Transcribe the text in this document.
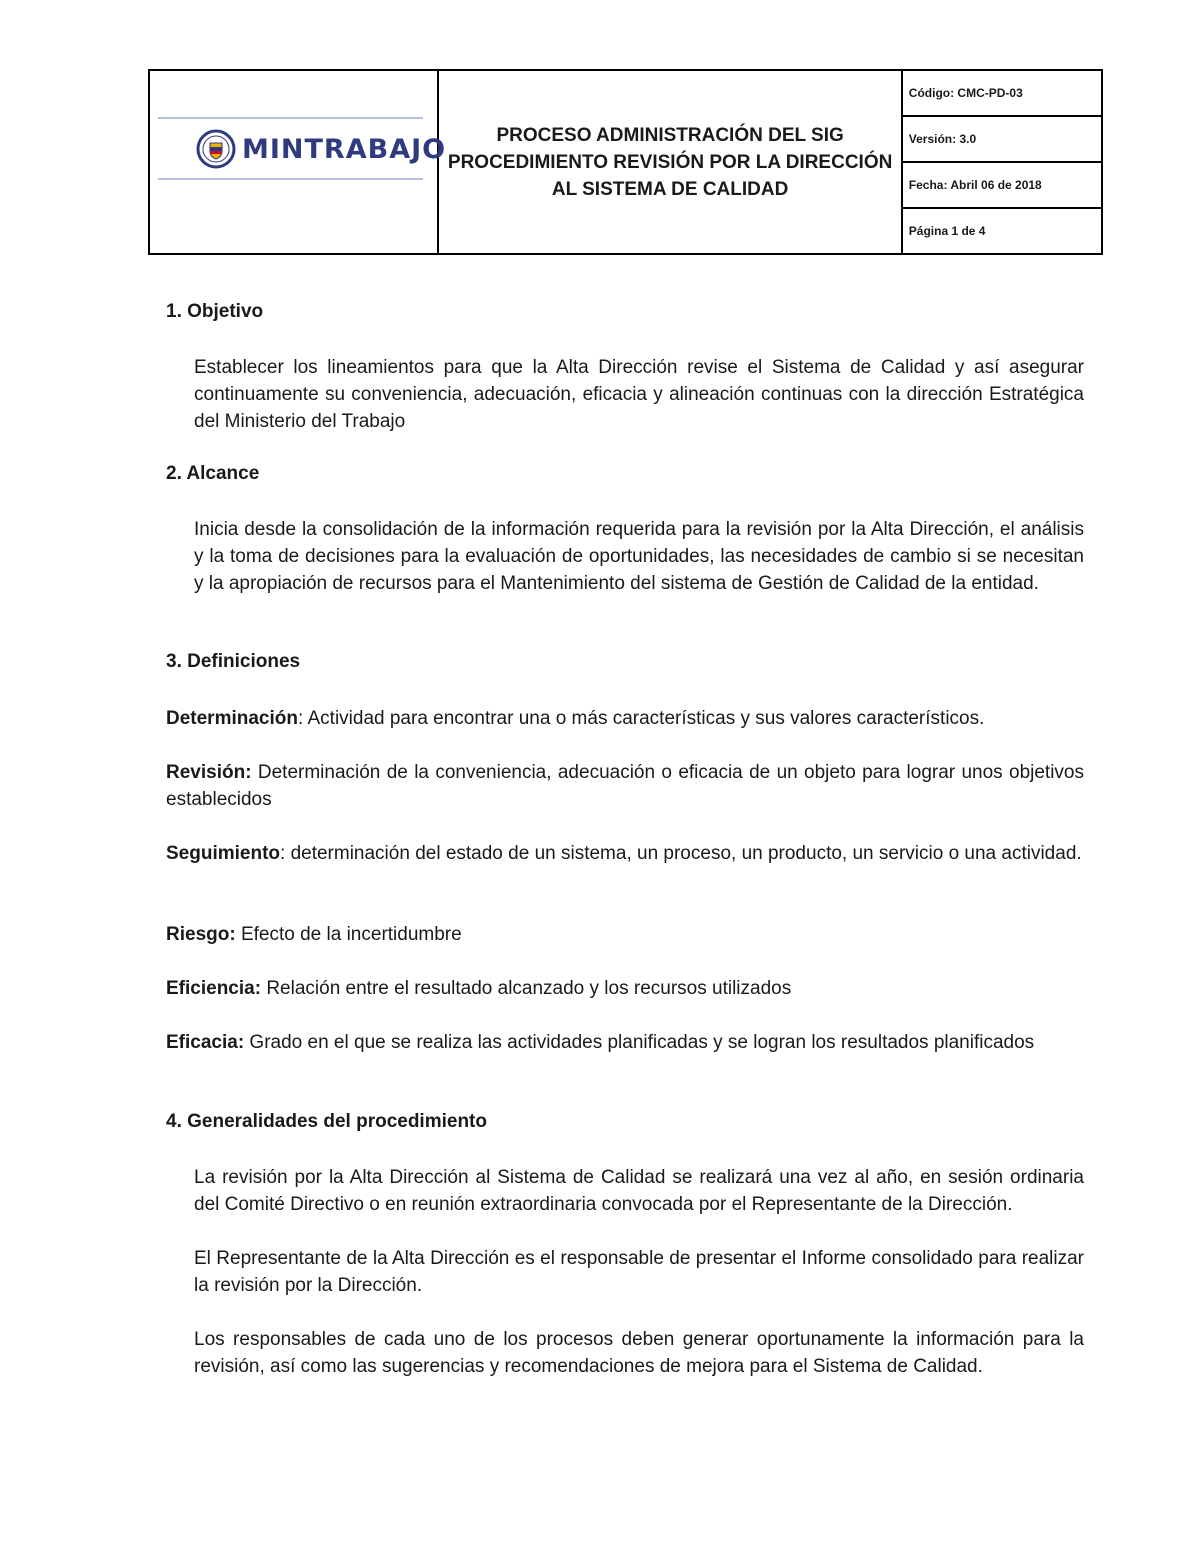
MINTRABAJO	PROCESO ADMINISTRACIÓN DEL SIG
PROCEDIMIENTO REVISIÓN POR LA DIRECCIÓN
AL SISTEMA DE CALIDAD
	Código: CMC-PD-03
Versión: 3.0
Fecha: Abril 06 de 2018
Página 1 de 4
1. Objetivo
Establecer los lineamientos para que la Alta Dirección revise el Sistema de Calidad y así asegurar continuamente su conveniencia, adecuación, eficacia y alineación continuas con la dirección Estratégica del Ministerio del Trabajo
2. Alcance
Inicia desde la consolidación de la información requerida para la revisión por la Alta Dirección, el análisis y la toma de decisiones para la evaluación de oportunidades, las necesidades de cambio si se necesitan y la apropiación de recursos para el Mantenimiento del sistema de Gestión de Calidad de la entidad.
3. Definiciones
Determinación: Actividad para encontrar una o más características y sus valores característicos.
Revisión: Determinación de la conveniencia, adecuación o eficacia de un objeto para lograr unos objetivos establecidos
Seguimiento: determinación del estado de un sistema, un proceso, un producto, un servicio o una actividad.
Riesgo: Efecto de la incertidumbre
Eficiencia: Relación entre el resultado alcanzado y los recursos utilizados
Eficacia: Grado en el que se realiza las actividades planificadas y se logran los resultados planificados
4. Generalidades del procedimiento
La revisión por la Alta Dirección al Sistema de Calidad se realizará una vez al año, en sesión ordinaria del Comité Directivo o en reunión extraordinaria convocada por el Representante de la Dirección.
El Representante de la Alta Dirección es el responsable de presentar el Informe consolidado para realizar la revisión por la Dirección.
Los responsables de cada uno de los procesos deben generar oportunamente la información para la revisión, así como las sugerencias y recomendaciones de mejora para el Sistema de Calidad.
